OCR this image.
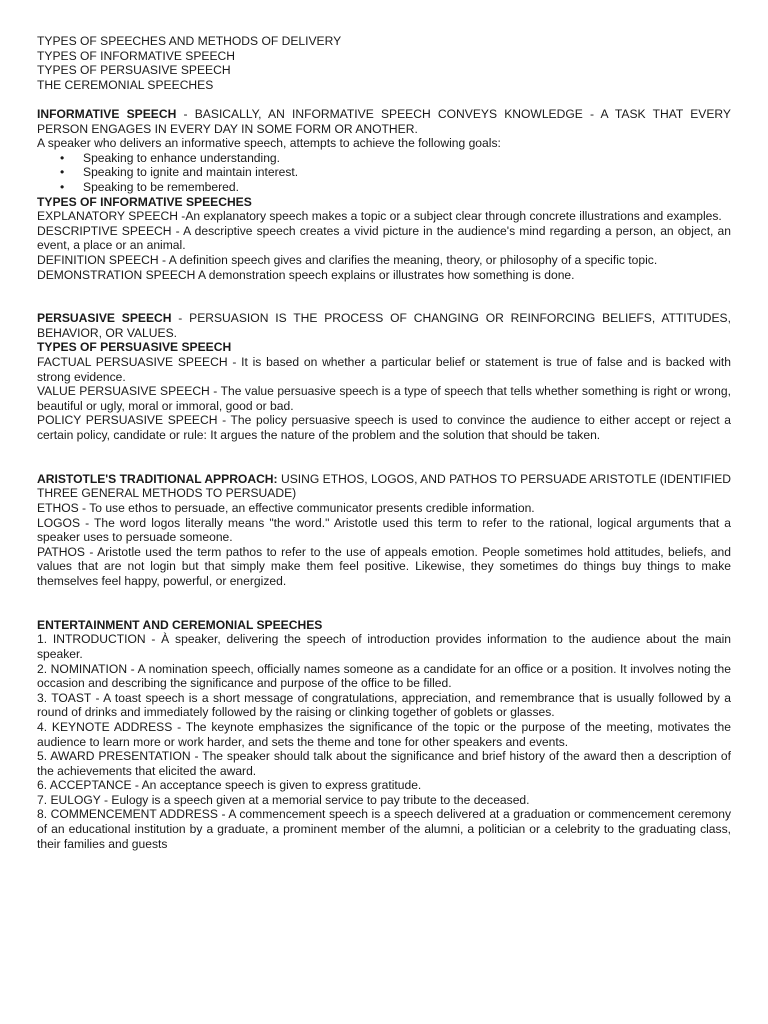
TYPES OF SPEECHES AND METHODS OF DELIVERY

TYPES OF INFORMATIVE SPEECH

TYPES OF PERSUASIVE SPEECH

THE CEREMONIAL SPEECHES

INFORMATIVE SPEECH - BASICALLY, AN INFORMATIVE SPEECH CONVEYS KNOWLEDGE - A TASK THAT EVERY PERSON ENGAGES IN EVERY DAY IN SOME FORM OR ANOTHER.

A speaker who delivers an informative speech, attempts to achieve the following goals:

• Speaking to enhance understanding.
• Speaking to ignite and maintain interest.
• Speaking to be remembered.

TYPES OF INFORMATIVE SPEECHES

EXPLANATORY SPEECH -An explanatory speech makes a topic or a subject clear through concrete illustrations and examples.

DESCRIPTIVE SPEECH - A descriptive speech creates a vivid picture in the audience's mind regarding a person, an object, an event, a place or an animal.

DEFINITION SPEECH - A definition speech gives and clarifies the meaning, theory, or philosophy of a specific topic.

DEMONSTRATION SPEECH A demonstration speech explains or illustrates how something is done.

PERSUASIVE SPEECH - PERSUASION IS THE PROCESS OF CHANGING OR REINFORCING BELIEFS, ATTITUDES, BEHAVIOR, OR VALUES.

TYPES OF PERSUASIVE SPEECH

FACTUAL PERSUASIVE SPEECH - It is based on whether a particular belief or statement is true of false and is backed with strong evidence.

VALUE PERSUASIVE SPEECH - The value persuasive speech is a type of speech that tells whether something is right or wrong, beautiful or ugly, moral or immoral, good or bad.

POLICY PERSUASIVE SPEECH - The policy persuasive speech is used to convince the audience to either accept or reject a certain policy, candidate or rule: It argues the nature of the problem and the solution that should be taken.

ARISTOTLE'S TRADITIONAL APPROACH: USING ETHOS, LOGOS, AND PATHOS TO PERSUADE ARISTOTLE (IDENTIFIED THREE GENERAL METHODS TO PERSUADE)

ETHOS - To use ethos to persuade, an effective communicator presents credible information.

LOGOS - The word logos literally means "the word." Aristotle used this term to refer to the rational, logical arguments that a speaker uses to persuade someone.

PATHOS - Aristotle used the term pathos to refer to the use of appeals emotion. People sometimes hold attitudes, beliefs, and values that are not login but that simply make them feel positive. Likewise, they sometimes do things buy things to make themselves feel happy, powerful, or energized.

ENTERTAINMENT AND CEREMONIAL SPEECHES

1. INTRODUCTION - À speaker, delivering the speech of introduction provides information to the audience about the main speaker.

2. NOMINATION - A nomination speech, officially names someone as a candidate for an office or a position. It involves noting the occasion and describing the significance and purpose of the office to be filled.

3. TOAST - A toast speech is a short message of congratulations, appreciation, and remembrance that is usually followed by a round of drinks and immediately followed by the raising or clinking together of goblets or glasses.

4. KEYNOTE ADDRESS - The keynote emphasizes the significance of the topic or the purpose of the meeting, motivates the audience to learn more or work harder, and sets the theme and tone for other speakers and events.

5. AWARD PRESENTATION - The speaker should talk about the significance and brief history of the award then a description of the achievements that elicited the award.

6. ACCEPTANCE - An acceptance speech is given to express gratitude.

7. EULOGY - Eulogy is a speech given at a memorial service to pay tribute to the deceased.

8. COMMENCEMENT ADDRESS - A commencement speech is a speech delivered at a graduation or commencement ceremony of an educational institution by a graduate, a prominent member of the alumni, a politician or a celebrity to the graduating class, their families and guests
